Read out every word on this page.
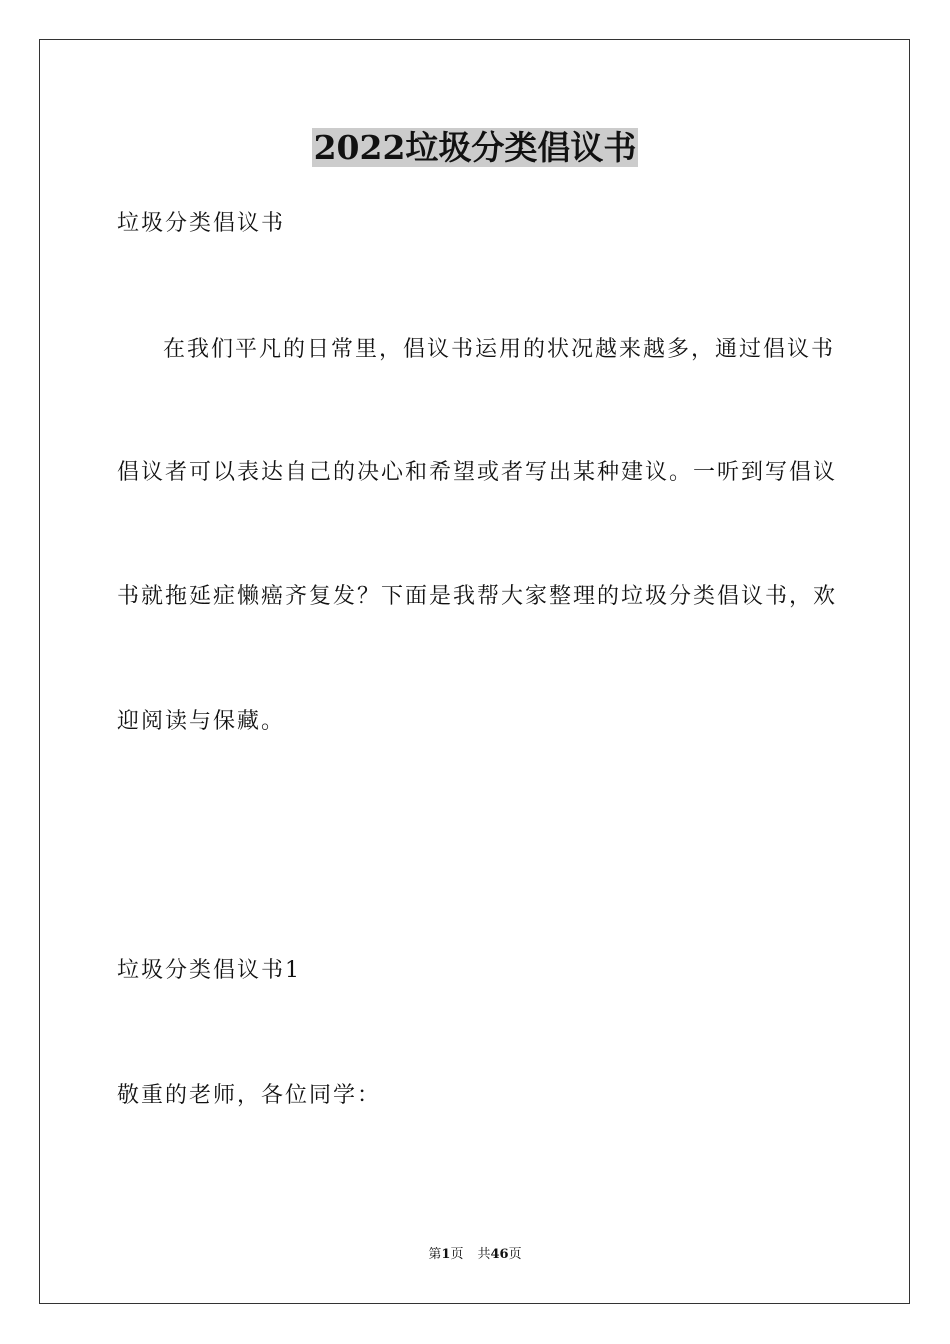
2022垃圾分类倡议书
垃圾分类倡议书
在我们平凡的日常里，倡议书运用的状况越来越多，通过倡议书
倡议者可以表达自己的决心和希望或者写出某种建议。一听到写倡议
书就拖延症懒癌齐复发？下面是我帮大家整理的垃圾分类倡议书，欢
迎阅读与保藏。
垃圾分类倡议书1
敬重的老师，各位同学：
第1页 共46页
